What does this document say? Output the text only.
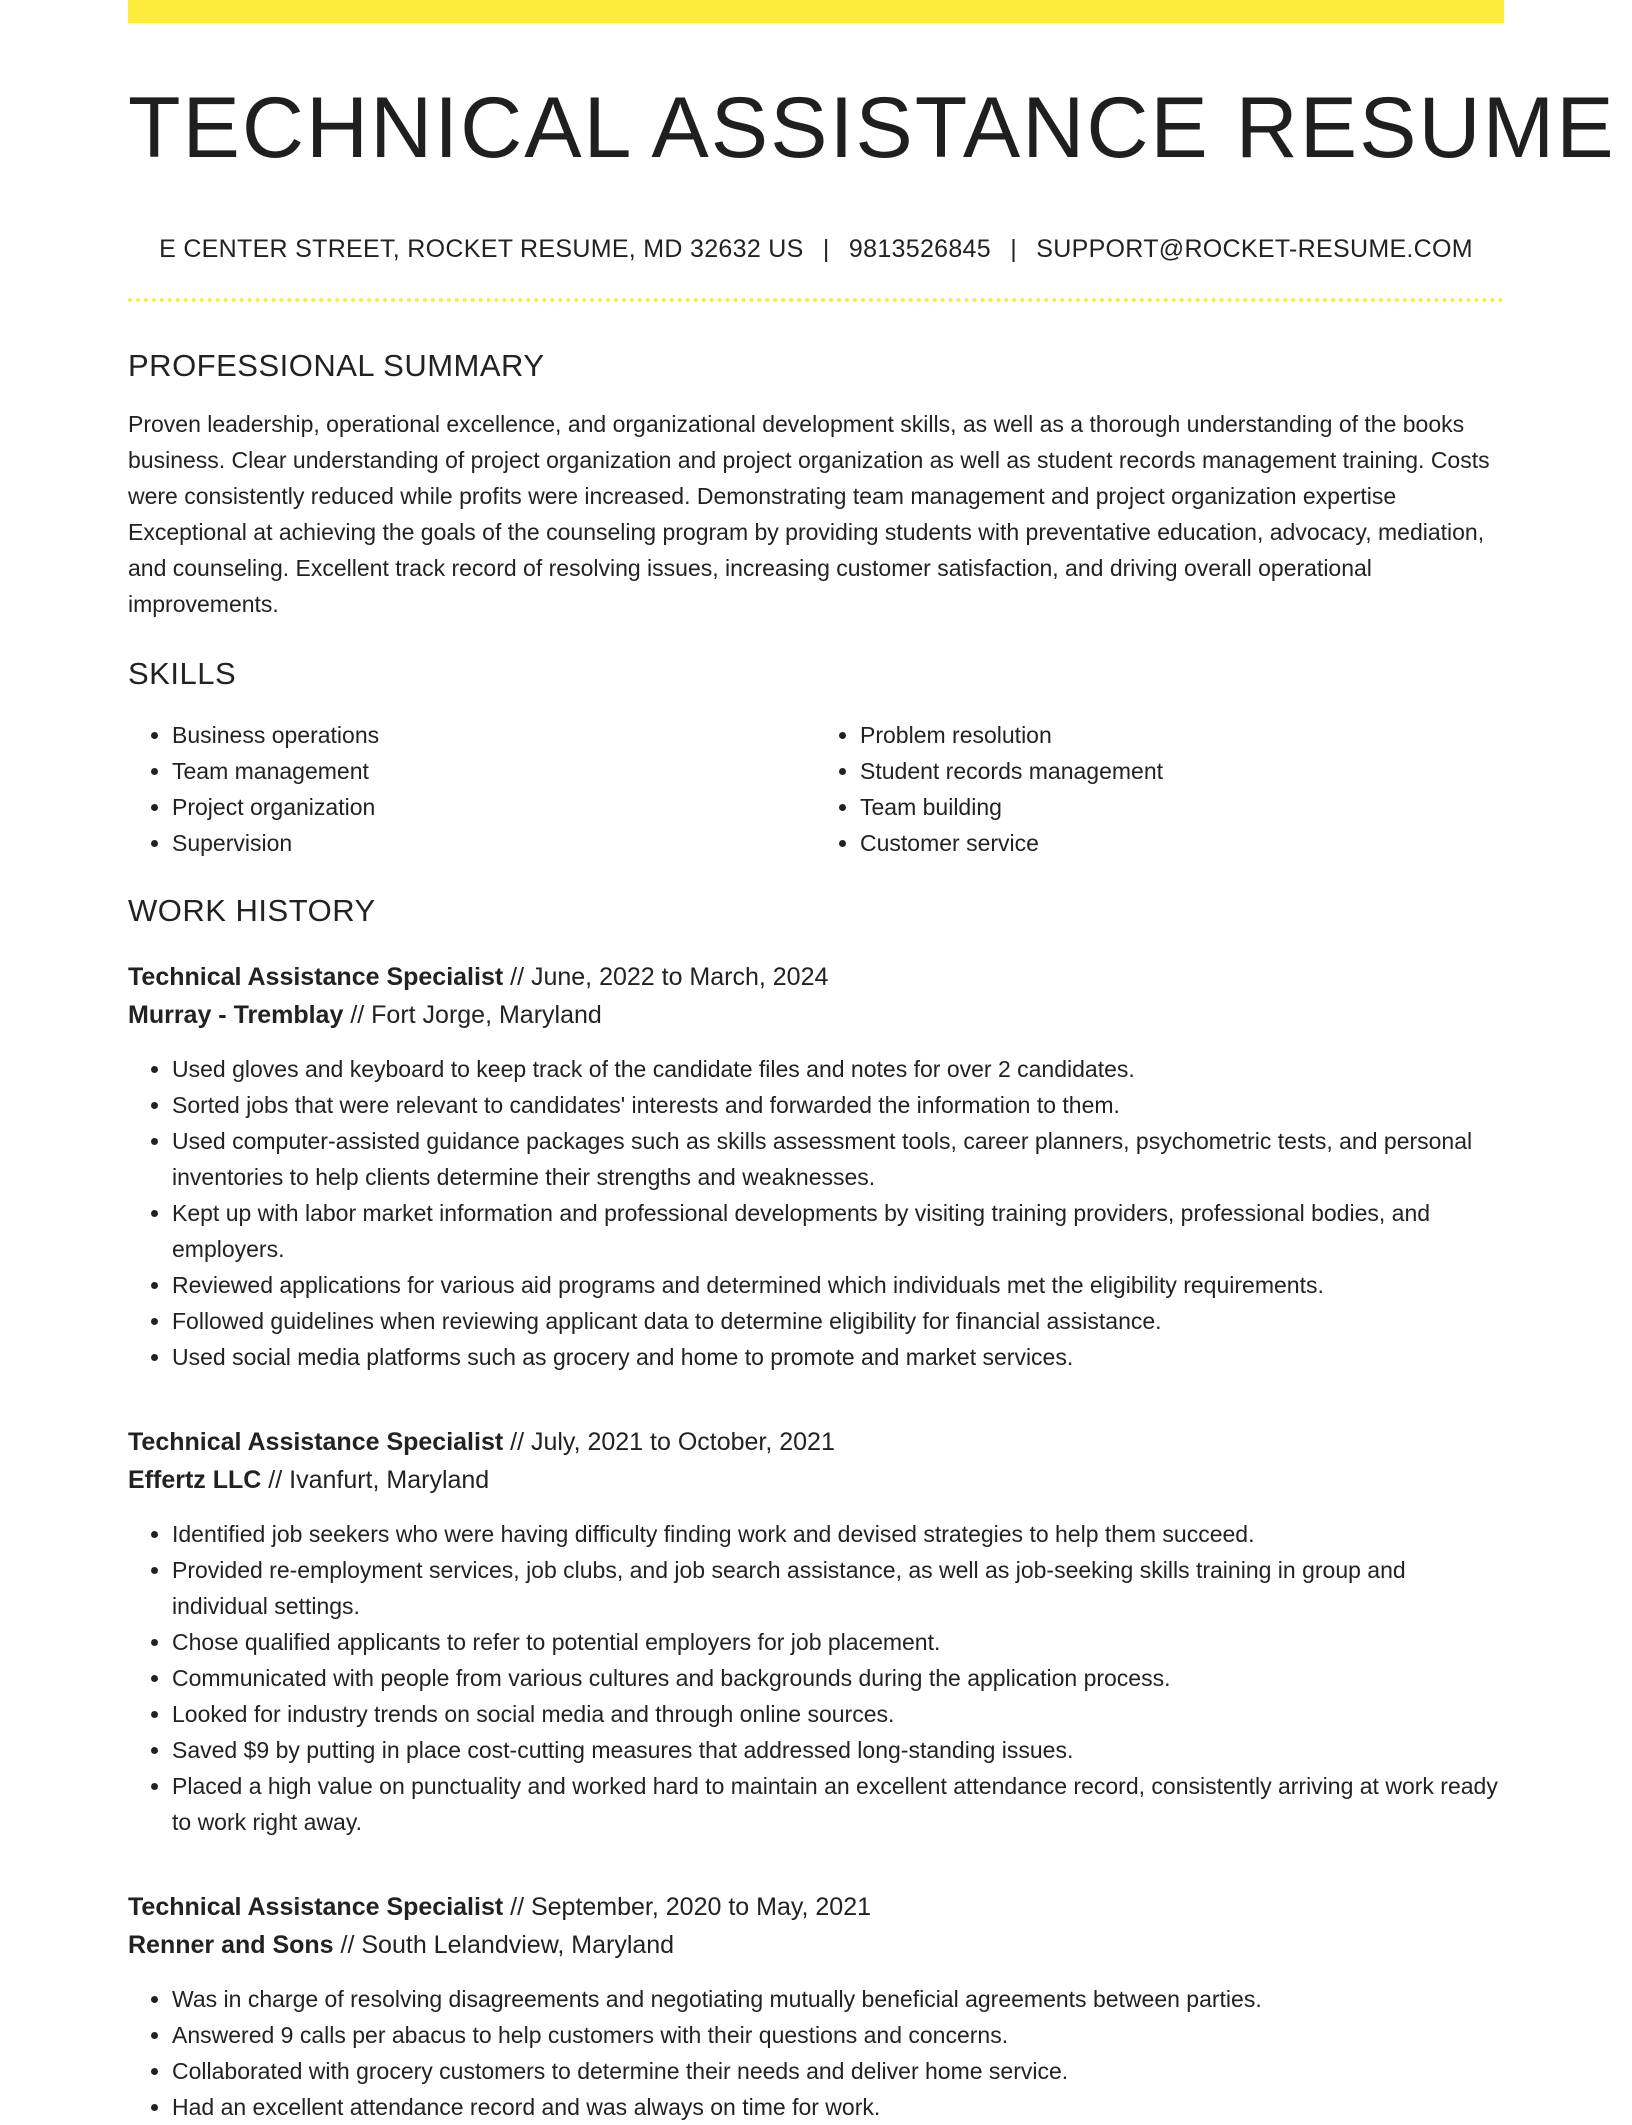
TECHNICAL ASSISTANCE RESUME
E CENTER STREET, ROCKET RESUME, MD 32632 US | 9813526845 | SUPPORT@ROCKET-RESUME.COM
PROFESSIONAL SUMMARY

Proven leadership, operational excellence, and organizational development skills, as well as a thorough understanding of the books business. Clear understanding of project organization and project organization as well as student records management training. Costs were consistently reduced while profits were increased. Demonstrating team management and project organization expertise Exceptional at achieving the goals of the counseling program by providing students with preventative education, advocacy, mediation, and counseling. Excellent track record of resolving issues, increasing customer satisfaction, and driving overall operational improvements.

SKILLS
• Business operations
• Team management
• Project organization
• Supervision
• Problem resolution
• Student records management
• Team building
• Customer service
WORK HISTORY
Technical Assistance Specialist // June, 2022 to March, 2024
Murray - Tremblay // Fort Jorge, Maryland
• Used gloves and keyboard to keep track of the candidate files and notes for over 2 candidates.
• Sorted jobs that were relevant to candidates' interests and forwarded the information to them.
• Used computer-assisted guidance packages such as skills assessment tools, career planners, psychometric tests, and personal inventories to help clients determine their strengths and weaknesses.
• Kept up with labor market information and professional developments by visiting training providers, professional bodies, and employers.
• Reviewed applications for various aid programs and determined which individuals met the eligibility requirements.
• Followed guidelines when reviewing applicant data to determine eligibility for financial assistance.
• Used social media platforms such as grocery and home to promote and market services.
Technical Assistance Specialist // July, 2021 to October, 2021
Effertz LLC // Ivanfurt, Maryland
• Identified job seekers who were having difficulty finding work and devised strategies to help them succeed.
• Provided re-employment services, job clubs, and job search assistance, as well as job-seeking skills training in group and individual settings.
• Chose qualified applicants to refer to potential employers for job placement.
• Communicated with people from various cultures and backgrounds during the application process.
• Looked for industry trends on social media and through online sources.
• Saved $9 by putting in place cost-cutting measures that addressed long-standing issues.
• Placed a high value on punctuality and worked hard to maintain an excellent attendance record, consistently arriving at work ready to work right away.
Technical Assistance Specialist // September, 2020 to May, 2021
Renner and Sons // South Lelandview, Maryland
• Was in charge of resolving disagreements and negotiating mutually beneficial agreements between parties.
• Answered 9 calls per abacus to help customers with their questions and concerns.
• Collaborated with grocery customers to determine their needs and deliver home service.
• Had an excellent attendance record and was always on time for work.
